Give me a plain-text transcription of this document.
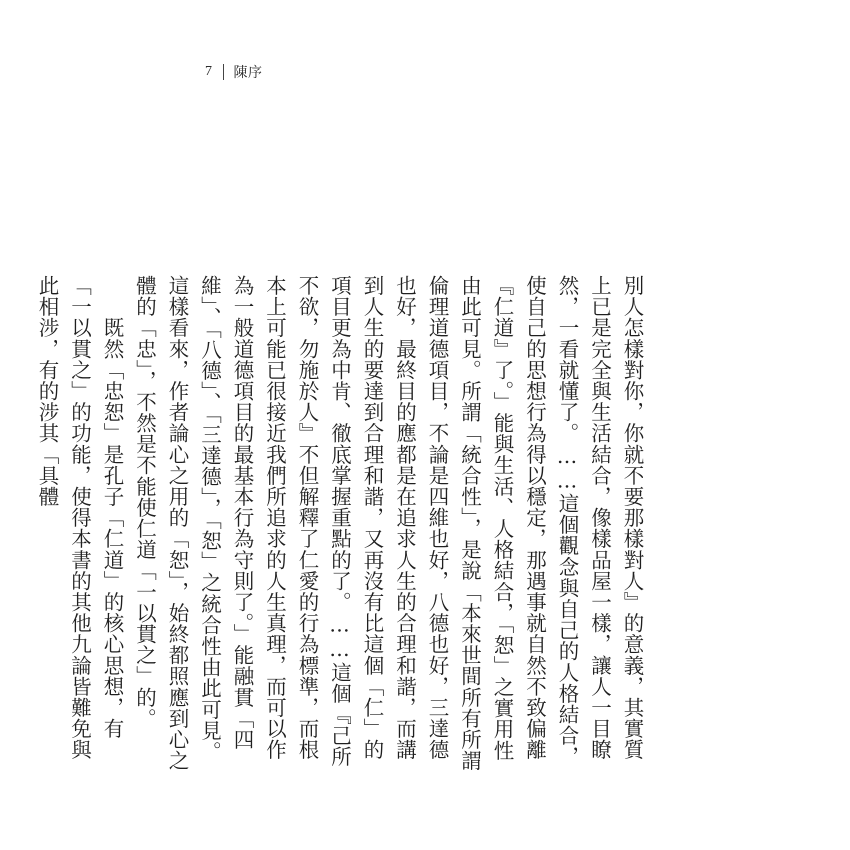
7 陳序

別人怎樣對你，你就不要那樣對人』的意義，其實質上已是完全與生活結合，像樣品屋一樣，讓人一目瞭然，一看就懂了。……這個觀念與自己的人格結合，使自己的思想行為得以穩定，那遇事就自然不致偏離『仁道』了。」能與生活、人格結合，「恕」之實用性由此可見。所謂「統合性」，是說「本來世間所有所謂倫理道德項目，不論是四維也好，八德也好，三達德也好，最終目的應都是在追求人生的合理和諧，而講到人生的要達到合理和諧，又再沒有比這個「仁」的項目更為中肯、徹底掌握重點的了。……這個『己所不欲，勿施於人』不但解釋了仁愛的行為標準，而根本上可能已很接近我們所追求的人生真理，而可以作為一般道德項目的最基本行為守則了。」能融貫「四維」、「八德」、「三達德」，「恕」之統合性由此可見。這樣看來，作者論心之用的「恕」，始終都照應到心之體的「忠」，不然是不能使仁道「一以貫之」的。

　　既然「忠恕」是孔子「仁道」的核心思想，有「一以貫之」的功能，使得本書的其他九論皆難免與此相涉，有的涉其「具體
